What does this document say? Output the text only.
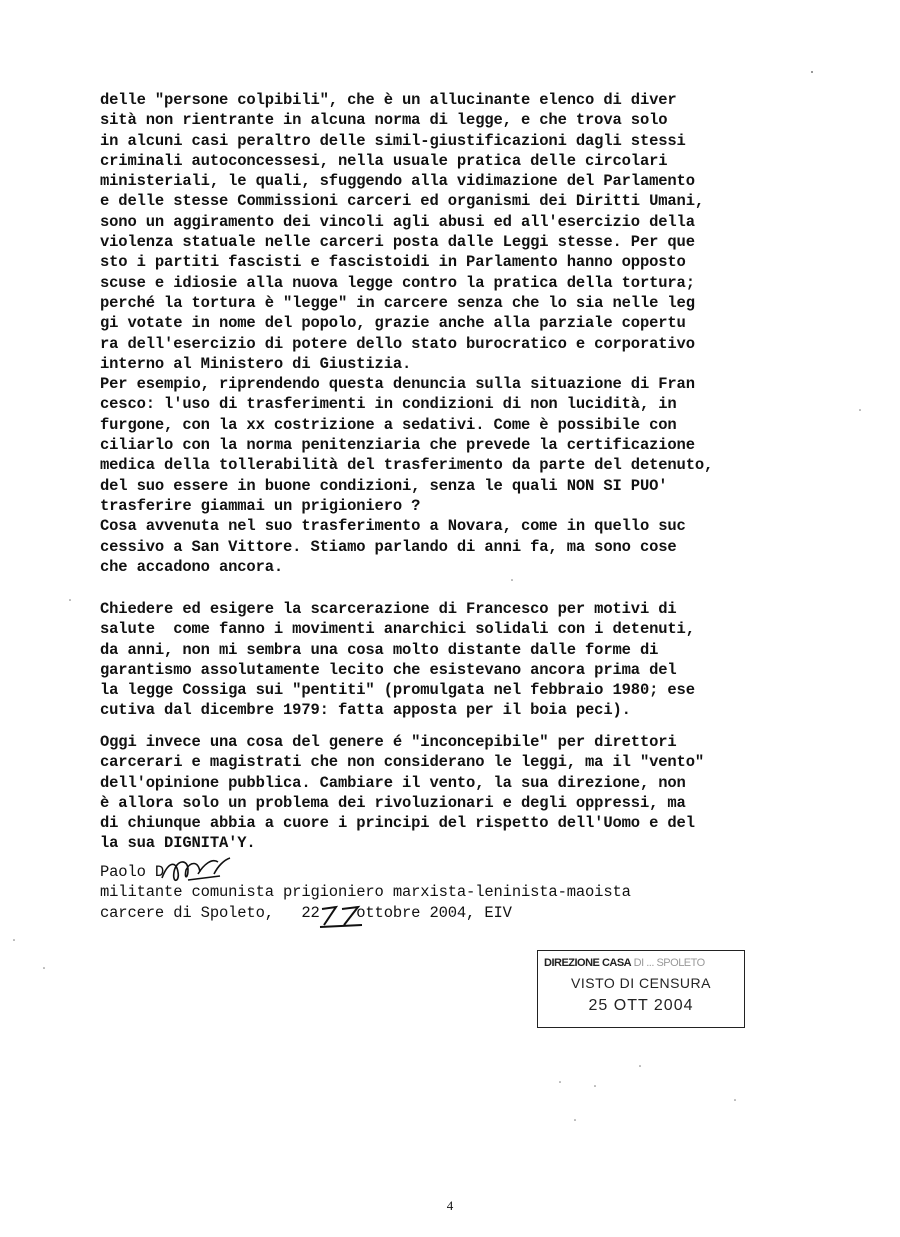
delle "persone colpibili", che è un allucinante elenco di diver
sità non rientrante in alcuna norma di legge, e che trova solo
in alcuni casi peraltro delle simil-giustificazioni dagli stessi
criminali autoconcessesi, nella usuale pratica delle circolari
ministeriali, le quali, sfuggendo alla vidimazione del Parlamento
e delle stesse Commissioni carceri ed organismi dei Diritti Umani,
sono un aggiramento dei vincoli agli abusi ed all'esercizio della
violenza statuale nelle carceri posta dalle Leggi stesse. Per que
sto i partiti fascisti e fascistoidi in Parlamento hanno opposto
scuse e idiosie alla nuova legge contro la pratica della tortura;
perché la tortura è "legge" in carcere senza che lo sia nelle leg
gi votate in nome del popolo, grazie anche alla parziale copertu
ra dell'esercizio di potere dello stato burocratico e corporativo
interno al Ministero di Giustizia.
Per esempio, riprendendo questa denuncia sulla situazione di Fran
cesco: l'uso di trasferimenti in condizioni di non lucidità, in
furgone, con la xx costrizione a sedativi. Come è possibile con
ciliarlo con la norma penitenziaria che prevede la certificazione
medica della tollerabilità del trasferimento da parte del detenuto,
del suo essere in buone condizioni, senza le quali NON SI PUO'
trasferire giammai un prigioniero ?
Cosa avvenuta nel suo trasferimento a Novara, come in quello suc
cessivo a San Vittore. Stiamo parlando di anni fa, ma sono cose
che accadono ancora.
Chiedere ed esigere la scarcerazione di Francesco per motivi di
salute  come fanno i movimenti anarchici solidali con i detenuti,
da anni, non mi sembra una cosa molto distante dalle forme di
garantismo assolutamente lecito che esistevano ancora prima del
la legge Cossiga sui "pentiti" (promulgata nel febbraio 1980; ese
cutiva dal dicembre 1979: fatta apposta per il boia peci).
Oggi invece una cosa del genere é "inconcepibile" per direttori
carcerari e magistrati che non considerano le leggi, ma il "vento"
dell'opinione pubblica. Cambiare il vento, la sua direzione, non
è allora solo un problema dei rivoluzionari e degli oppressi, ma
di chiunque abbia a cuore i principi del rispetto dell'Uomo e del
la sua DIGNITA'Y.
Paolo D
militante comunista prigioniero marxista-leninista-maoista
carcere di Spoleto,   22    ottobre 2004, EIV
DIREZIONE CASA DI ... SPOLETO
VISTO DI CENSURA
25 OTT 2004
4
